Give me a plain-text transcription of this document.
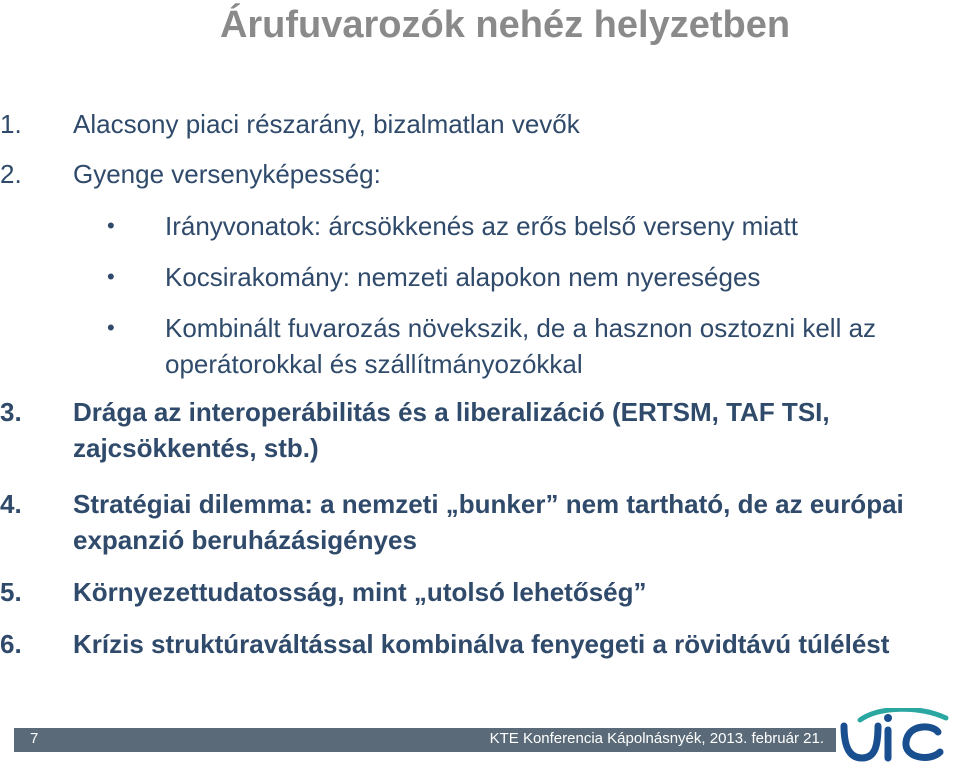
Árufuvarozók nehéz helyzetben
1. Alacsony piaci részarány, bizalmatlan vevők
2. Gyenge versenyképesség:
• Irányvonatok: árcsökkenés az erős belső verseny miatt
• Kocsirakomány: nemzeti alapokon nem nyereséges
• Kombinált fuvarozás növekszik, de a hasznon osztozni kell az operátorokkal és szállítmányozókkal
3. Drága az interoperábilitás és a liberalizáció (ERTSM, TAF TSI, zajcsökkentés, stb.)
4. Stratégiai dilemma: a nemzeti „bunker” nem tartható, de az európai expanzió beruházásigényes
5. Környezettudatosság, mint „utolsó lehetőség”
6. Krízis struktúraváltással kombinálva fenyegeti a rövidtávú túlélést
7	KTE Konferencia Kápolnásnyék, 2013. február 21.
